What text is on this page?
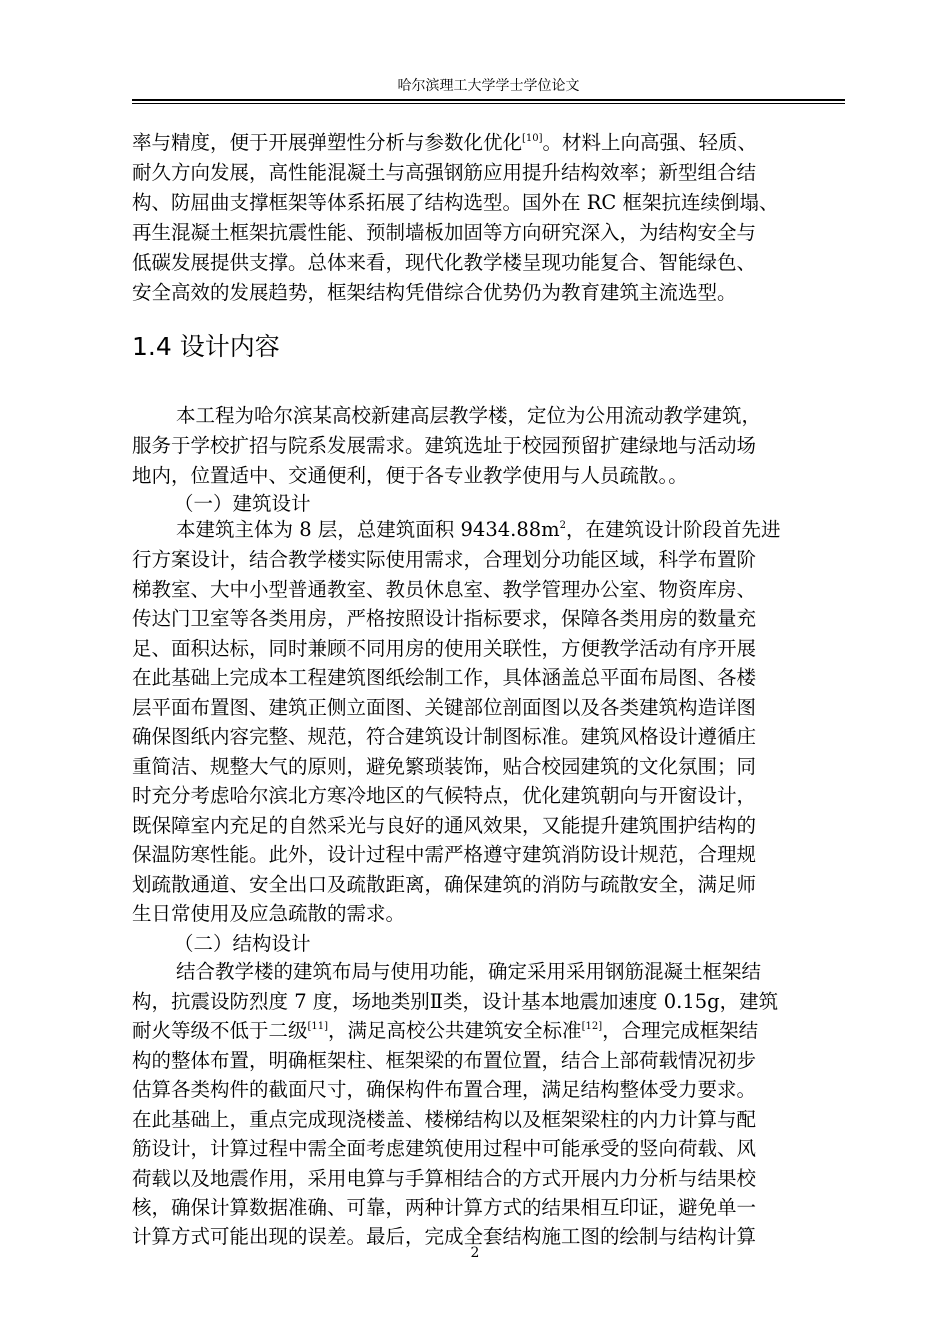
哈尔滨理工大学学士学位论文
率与精度，便于开展弹塑性分析与参数化优化[10]。材料上向高强、轻质、
耐久方向发展，高性能混凝土与高强钢筋应用提升结构效率；新型组合结
构、防屈曲支撑框架等体系拓展了结构选型。国外在 RC 框架抗连续倒塌、
再生混凝土框架抗震性能、预制墙板加固等方向研究深入，为结构安全与
低碳发展提供支撑。总体来看，现代化教学楼呈现功能复合、智能绿色、
安全高效的发展趋势，框架结构凭借综合优势仍为教育建筑主流选型。
1.4 设计内容
本工程为哈尔滨某高校新建高层教学楼，定位为公用流动教学建筑，
服务于学校扩招与院系发展需求。建筑选址于校园预留扩建绿地与活动场
地内，位置适中、交通便利，便于各专业教学使用与人员疏散。。
（一）建筑设计
本建筑主体为 8 层，总建筑面积 $9434.88m^2$，在建筑设计阶段首先进
行方案设计，结合教学楼实际使用需求，合理划分功能区域，科学布置阶
梯教室、大中小型普通教室、教员休息室、教学管理办公室、物资库房、
传达门卫室等各类用房，严格按照设计指标要求，保障各类用房的数量充
足、面积达标，同时兼顾不同用房的使用关联性，方便教学活动有序开展
在此基础上完成本工程建筑图纸绘制工作，具体涵盖总平面布局图、各楼
层平面布置图、建筑正侧立面图、关键部位剖面图以及各类建筑构造详图
确保图纸内容完整、规范，符合建筑设计制图标准。建筑风格设计遵循庄
重简洁、规整大气的原则，避免繁琐装饰，贴合校园建筑的文化氛围；同
时充分考虑哈尔滨北方寒冷地区的气候特点，优化建筑朝向与开窗设计，
既保障室内充足的自然采光与良好的通风效果，又能提升建筑围护结构的
保温防寒性能。此外，设计过程中需严格遵守建筑消防设计规范，合理规
划疏散通道、安全出口及疏散距离，确保建筑的消防与疏散安全，满足师
生日常使用及应急疏散的需求。
（二）结构设计
结合教学楼的建筑布局与使用功能，确定采用采用钢筋混凝土框架结
构，抗震设防烈度 7 度，场地类别Ⅱ类，设计基本地震加速度 0.15g，建筑
耐火等级不低于二级[11]，满足高校公共建筑安全标准[12]，合理完成框架结
构的整体布置，明确框架柱、框架梁的布置位置，结合上部荷载情况初步
估算各类构件的截面尺寸，确保构件布置合理，满足结构整体受力要求。
在此基础上，重点完成现浇楼盖、楼梯结构以及框架梁柱的内力计算与配
筋设计，计算过程中需全面考虑建筑使用过程中可能承受的竖向荷载、风
荷载以及地震作用，采用电算与手算相结合的方式开展内力分析与结果校
核，确保计算数据准确、可靠，两种计算方式的结果相互印证，避免单一
计算方式可能出现的误差。最后，完成全套结构施工图的绘制与结构计算
2
